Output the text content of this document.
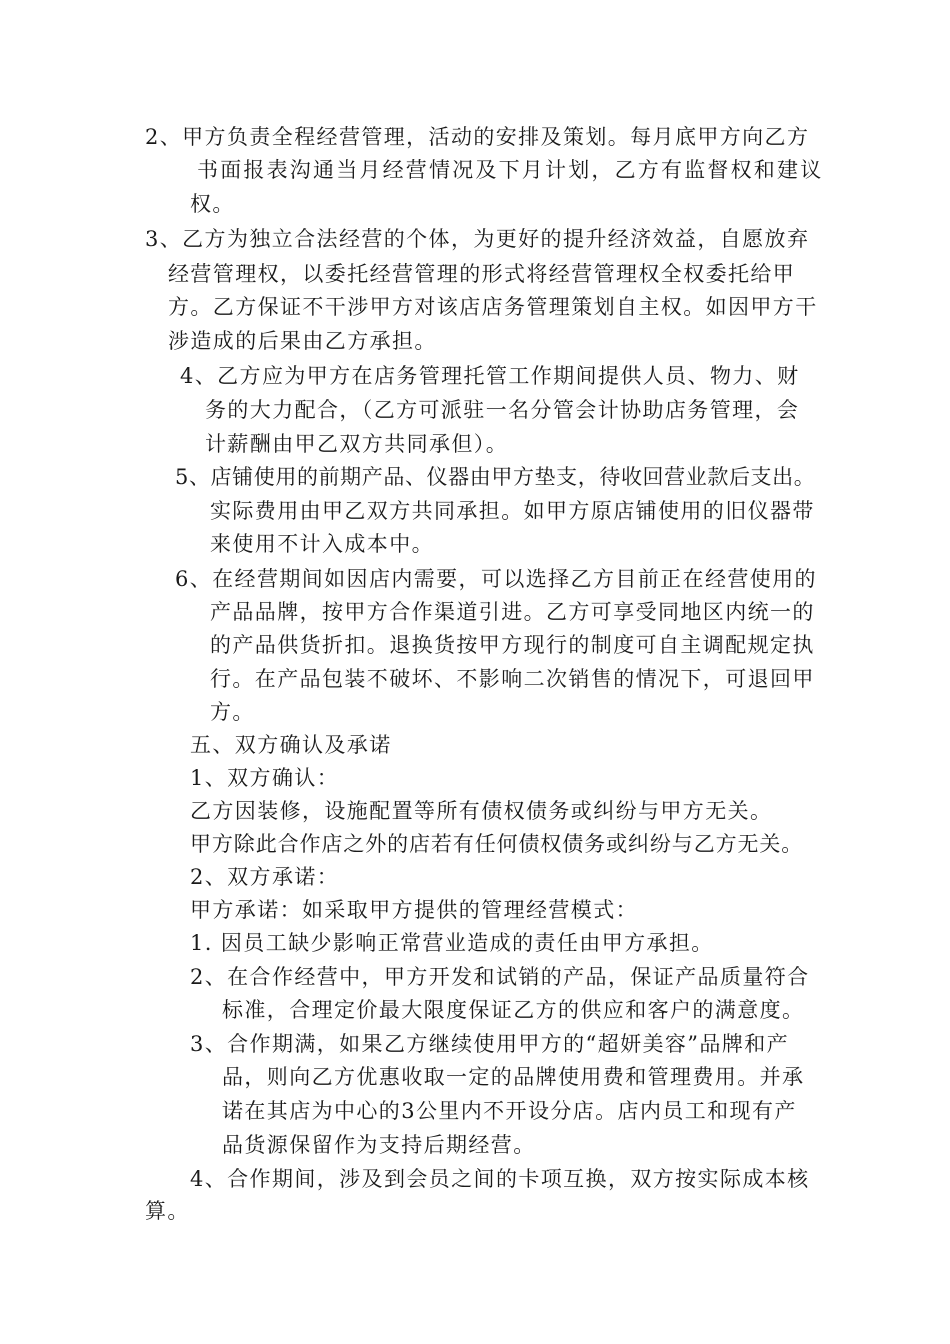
2、甲方负责全程经营管理，活动的安排及策划。每月底甲方向乙方
书面报表沟通当月经营情况及下月计划，乙方有监督权和建议
权。
3、乙方为独立合法经营的个体，为更好的提升经济效益，自愿放弃
经营管理权，以委托经营管理的形式将经营管理权全权委托给甲
方。乙方保证不干涉甲方对该店店务管理策划自主权。如因甲方干
涉造成的后果由乙方承担。
4、乙方应为甲方在店务管理托管工作期间提供人员、物力、财
务的大力配合，（乙方可派驻一名分管会计协助店务管理，会
计薪酬由甲乙双方共同承但）。
5、店铺使用的前期产品、仪器由甲方垫支，待收回营业款后支出。
实际费用由甲乙双方共同承担。如甲方原店铺使用的旧仪器带
来使用不计入成本中。
6、在经营期间如因店内需要，可以选择乙方目前正在经营使用的
产品品牌，按甲方合作渠道引进。乙方可享受同地区内统一的
的产品供货折扣。退换货按甲方现行的制度可自主调配规定执
行。在产品包装不破坏、不影响二次销售的情况下，可退回甲
方。
五、双方确认及承诺
1、双方确认：
乙方因装修，设施配置等所有债权债务或纠纷与甲方无关。
甲方除此合作店之外的店若有任何债权债务或纠纷与乙方无关。
2、双方承诺：
甲方承诺：如采取甲方提供的管理经营模式：
1. 因员工缺少影响正常营业造成的责任由甲方承担。
2、在合作经营中，甲方开发和试销的产品，保证产品质量符合
标准，合理定价最大限度保证乙方的供应和客户的满意度。
3、合作期满，如果乙方继续使用甲方的“超妍美容”品牌和产
品，则向乙方优惠收取一定的品牌使用费和管理费用。并承
诺在其店为中心的3公里内不开设分店。店内员工和现有产
品货源保留作为支持后期经营。
4、合作期间，涉及到会员之间的卡项互换，双方按实际成本核
算。
